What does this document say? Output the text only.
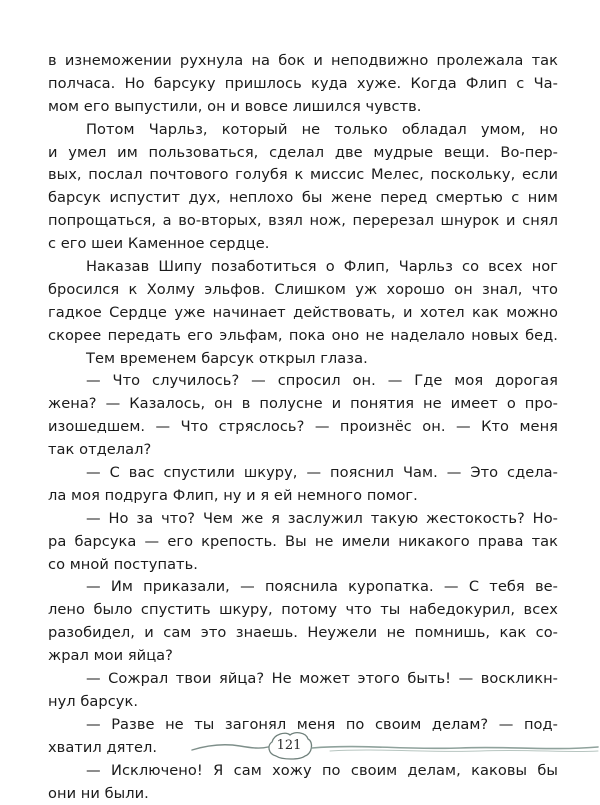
в изнеможении рухнула на бок и неподвижно пролежала так
полчаса. Но барсуку пришлось куда хуже. Когда Флип с Ча-
мом его выпустили, он и вовсе лишился чувств.
Потом Чарльз, который не только обладал умом, но
и умел им пользоваться, сделал две мудрые вещи. Во-пер-
вых, послал почтового голубя к миссис Мелес, поскольку, если
барсук испустит дух, неплохо бы жене перед смертью с ним
попрощаться, а во-вторых, взял нож, перерезал шнурок и снял
с его шеи Каменное сердце.
Наказав Шипу позаботиться о Флип, Чарльз со всех ног
бросился к Холму эльфов. Слишком уж хорошо он знал, что
гадкое Сердце уже начинает действовать, и хотел как можно
скорее передать его эльфам, пока оно не наделало новых бед.
Тем временем барсук открыл глаза.
— Что случилось? — спросил он. — Где моя дорогая
жена? — Казалось, он в полусне и понятия не имеет о про-
изошедшем. — Что стряслось? — произнёс он. — Кто меня
так отделал?
— С вас спустили шкуру, — пояснил Чам. — Это сдела-
ла моя подруга Флип, ну и я ей немного помог.
— Но за что? Чем же я заслужил такую жестокость? Но-
ра барсука — его крепость. Вы не имели никакого права так
со мной поступать.
— Им приказали, — пояснила куропатка. — С тебя ве-
лено было спустить шкуру, потому что ты набедокурил, всех
разобидел, и сам это знаешь. Неужели не помнишь, как со-
жрал мои яйца?
— Сожрал твои яйца? Не может этого быть! — воскликн-
нул барсук.
— Разве не ты загонял меня по своим делам? — под-
хватил дятел.
— Исключено! Я сам хожу по своим делам, каковы бы
они ни были.
121
